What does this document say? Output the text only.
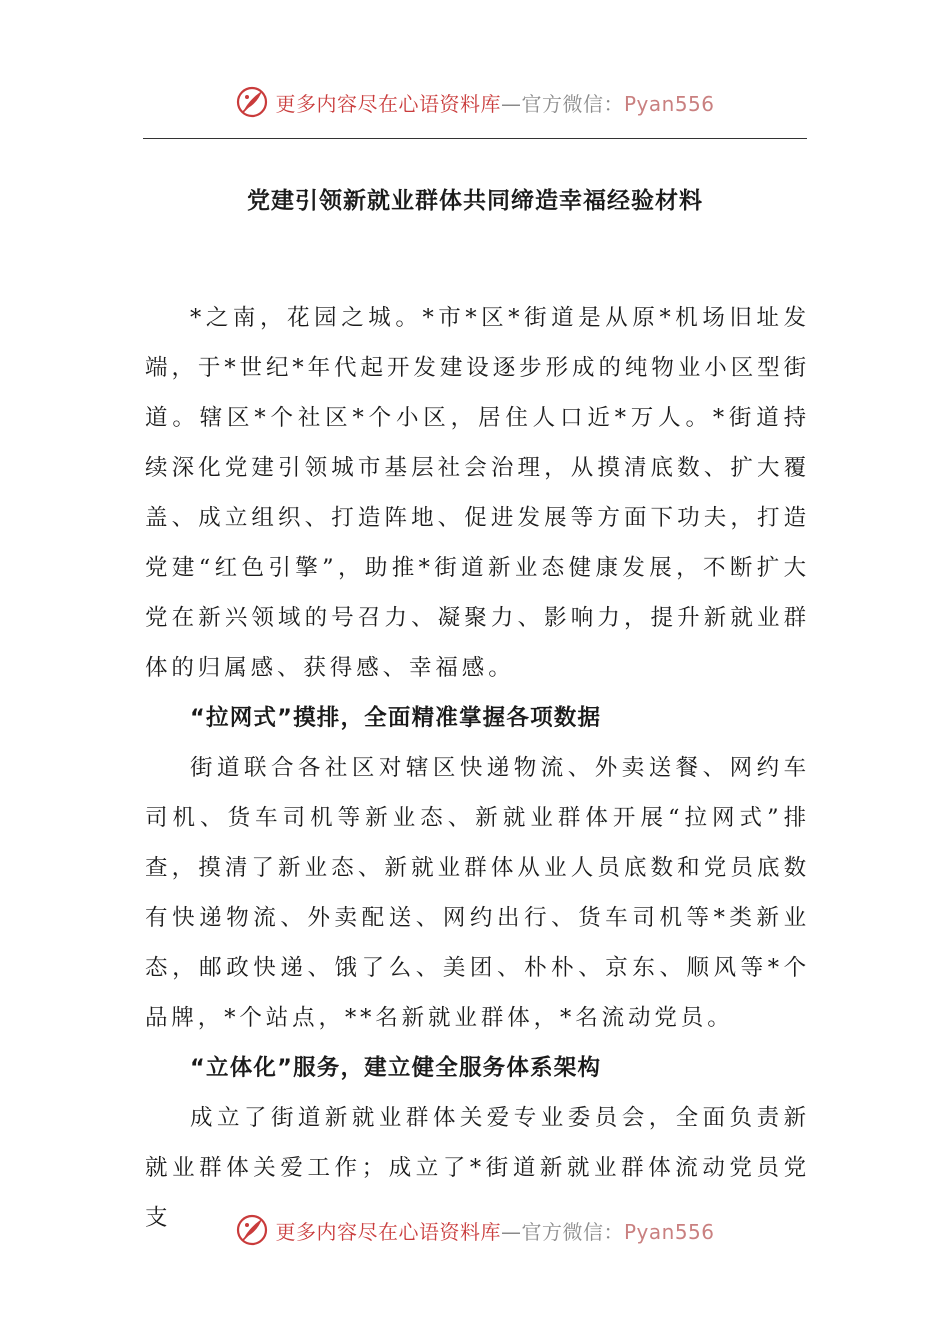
更多内容尽在心语资料库—官方微信：Pyan556
党建引领新就业群体共同缔造幸福经验材料

*之南，花园之城。*市*区*街道是从原*机场旧址发端，于*世纪*年代起开发建设逐步形成的纯物业小区型街道。辖区*个社区*个小区，居住人口近*万人。*街道持续深化党建引领城市基层社会治理，从摸清底数、扩大覆盖、成立组织、打造阵地、促进发展等方面下功夫，打造党建“红色引擎”，助推*街道新业态健康发展，不断扩大党在新兴领域的号召力、凝聚力、影响力，提升新就业群体的归属感、获得感、幸福感。

“拉网式”摸排，全面精准掌握各项数据

街道联合各社区对辖区快递物流、外卖送餐、网约车司机、货车司机等新业态、新就业群体开展“拉网式”排查，摸清了新业态、新就业群体从业人员底数和党员底数有快递物流、外卖配送、网约出行、货车司机等*类新业态，邮政快递、饿了么、美团、朴朴、京东、顺风等*个品牌，*个站点，**名新就业群体，*名流动党员。

“立体化”服务，建立健全服务体系架构

成立了街道新就业群体关爱专业委员会，全面负责新就业群体关爱工作；成立了*街道新就业群体流动党员党支

更多内容尽在心语资料库—官方微信：Pyan556
